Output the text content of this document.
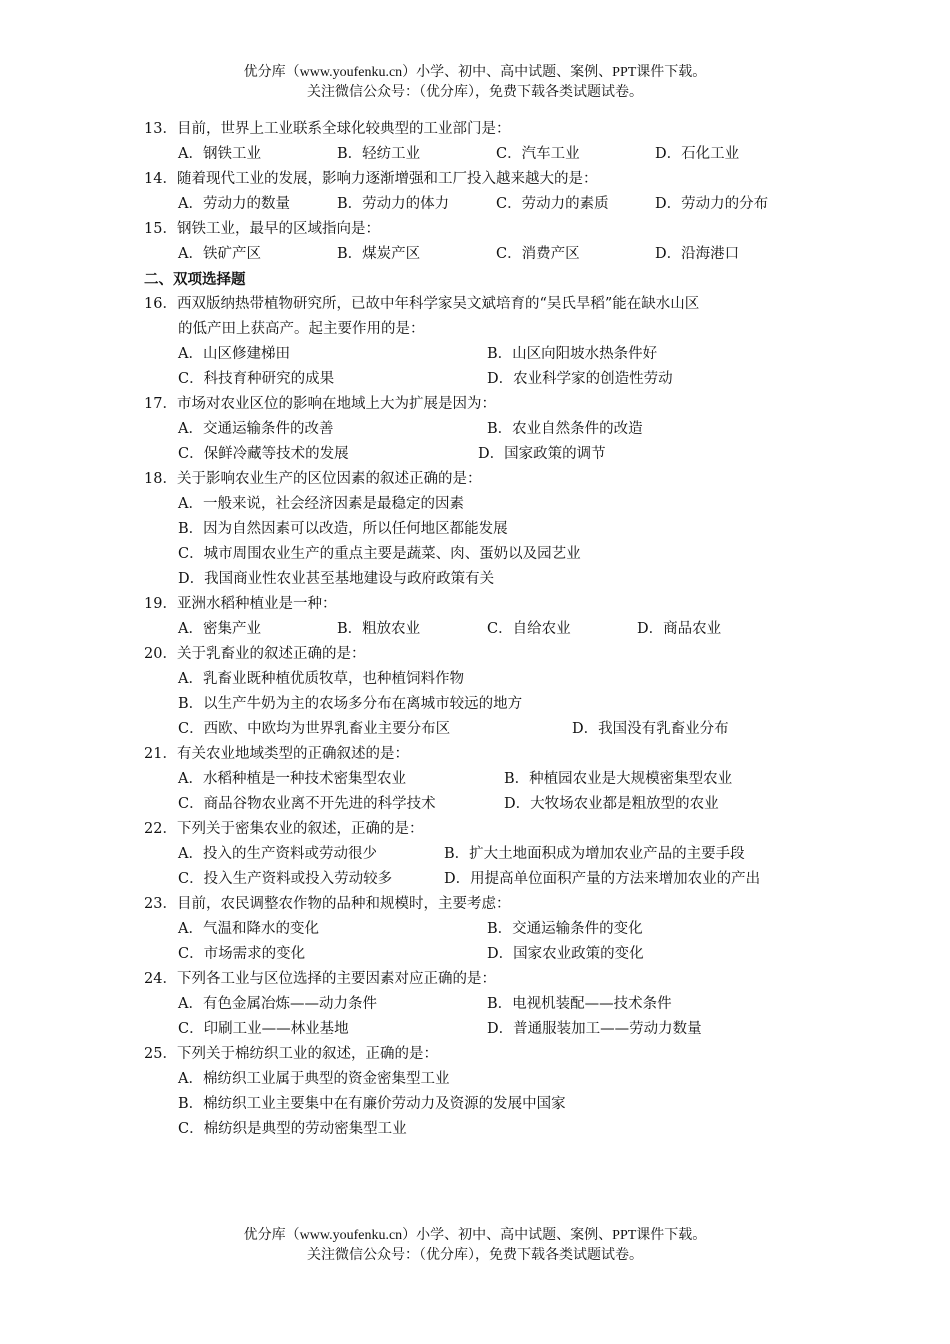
优分库（www.youfenku.cn）小学、初中、高中试题、案例、PPT课件下载。
关注微信公众号：（优分库），免费下载各类试题试卷。
13．目前，世界上工业联系全球化较典型的工业部门是：
A．钢铁工业	B．轻纺工业	C．汽车工业	D．石化工业
14．随着现代工业的发展，影响力逐渐增强和工厂投入越来越大的是：
A．劳动力的数量	B．劳动力的体力	C．劳动力的素质	D．劳动力的分布
15．钢铁工业，最早的区域指向是：
A．铁矿产区	B．煤炭产区	C．消费产区	D．沿海港口
二、双项选择题
16．西双版纳热带植物研究所，已故中年科学家吴文斌培育的“吴氏旱稻”能在缺水山区
的低产田上获高产。起主要作用的是：
A．山区修建梯田	B．山区向阳坡水热条件好
C．科技育种研究的成果	D．农业科学家的创造性劳动
17．市场对农业区位的影响在地域上大为扩展是因为：
A．交通运输条件的改善	B．农业自然条件的改造
C．保鲜冷藏等技术的发展	D．国家政策的调节
18．关于影响农业生产的区位因素的叙述正确的是：
A．一般来说，社会经济因素是最稳定的因素
B．因为自然因素可以改造，所以任何地区都能发展
C．城市周围农业生产的重点主要是蔬菜、肉、蛋奶以及园艺业
D．我国商业性农业甚至基地建设与政府政策有关
19．亚洲水稻种植业是一种：
A．密集产业	B．粗放农业	C．自给农业	D．商品农业
20．关于乳畜业的叙述正确的是：
A．乳畜业既种植优质牧草，也种植饲料作物
B．以生产牛奶为主的农场多分布在离城市较远的地方
C．西欧、中欧均为世界乳畜业主要分布区	D．我国没有乳畜业分布
21．有关农业地域类型的正确叙述的是：
A．水稻种植是一种技术密集型农业	B．种植园农业是大规模密集型农业
C．商品谷物农业离不开先进的科学技术	D．大牧场农业都是粗放型的农业
22．下列关于密集农业的叙述，正确的是：
A．投入的生产资料或劳动很少	B．扩大土地面积成为增加农业产品的主要手段
C．投入生产资料或投入劳动较多	D．用提高单位面积产量的方法来增加农业的产出
23．目前，农民调整农作物的品种和规模时，主要考虑：
A．气温和降水的变化	B．交通运输条件的变化
C．市场需求的变化	D．国家农业政策的变化
24．下列各工业与区位选择的主要因素对应正确的是：
A．有色金属冶炼——动力条件	B．电视机装配——技术条件
C．印刷工业——林业基地	D．普通服装加工——劳动力数量
25．下列关于棉纺织工业的叙述，正确的是：
A．棉纺织工业属于典型的资金密集型工业
B．棉纺织工业主要集中在有廉价劳动力及资源的发展中国家
C．棉纺织是典型的劳动密集型工业
优分库（www.youfenku.cn）小学、初中、高中试题、案例、PPT课件下载。
关注微信公众号：（优分库），免费下载各类试题试卷。
